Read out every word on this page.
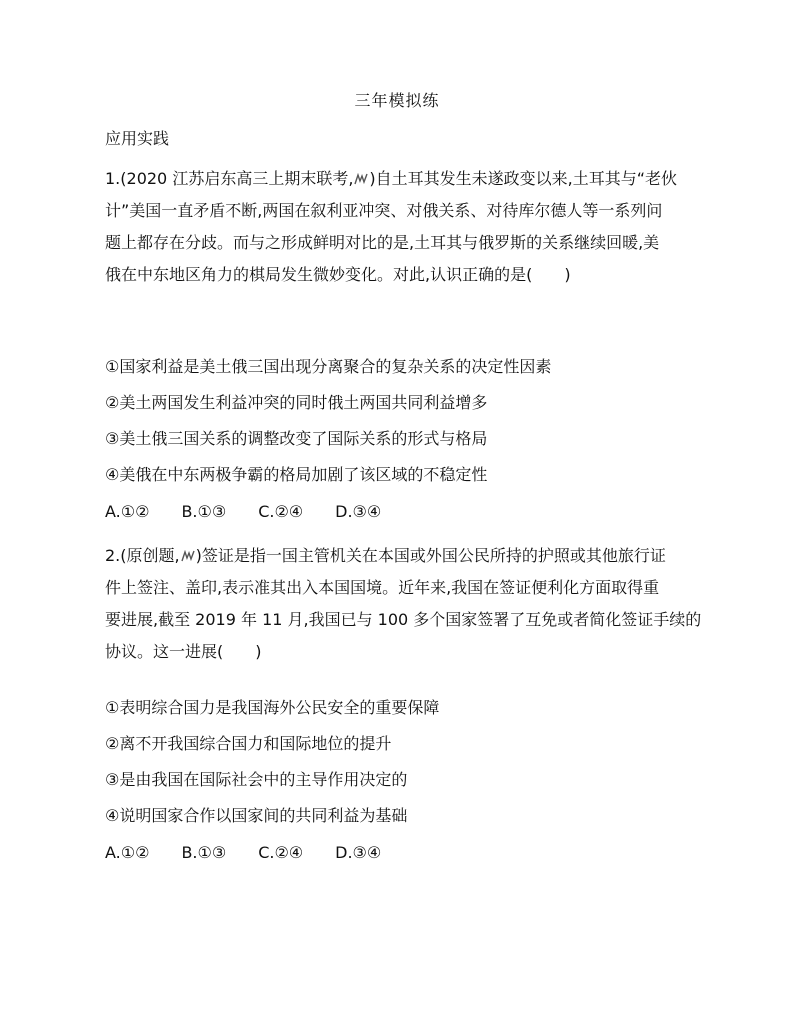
三年模拟练
应用实践
1.(2020 江苏启东高三上期末联考, )自土耳其发生未遂政变以来,土耳其与“老伙
计”美国一直矛盾不断,两国在叙利亚冲突、对俄关系、对待库尔德人等一系列问
题上都存在分歧。而与之形成鲜明对比的是,土耳其与俄罗斯的关系继续回暖,美
俄在中东地区角力的棋局发生微妙变化。对此,认识正确的是(　　)
①国家利益是美土俄三国出现分离聚合的复杂关系的决定性因素
②美土两国发生利益冲突的同时俄土两国共同利益增多
③美土俄三国关系的调整改变了国际关系的形式与格局
④美俄在中东两极争霸的格局加剧了该区域的不稳定性
A.①② B.①③ C.②④ D.③④
2.(原创题, )签证是指一国主管机关在本国或外国公民所持的护照或其他旅行证
件上签注、盖印,表示准其出入本国国境。近年来,我国在签证便利化方面取得重
要进展,截至 2019 年 11 月,我国已与 100 多个国家签署了互免或者简化签证手续的
协议。这一进展(　　)
①表明综合国力是我国海外公民安全的重要保障
②离不开我国综合国力和国际地位的提升
③是由我国在国际社会中的主导作用决定的
④说明国家合作以国家间的共同利益为基础
A.①② B.①③ C.②④ D.③④
